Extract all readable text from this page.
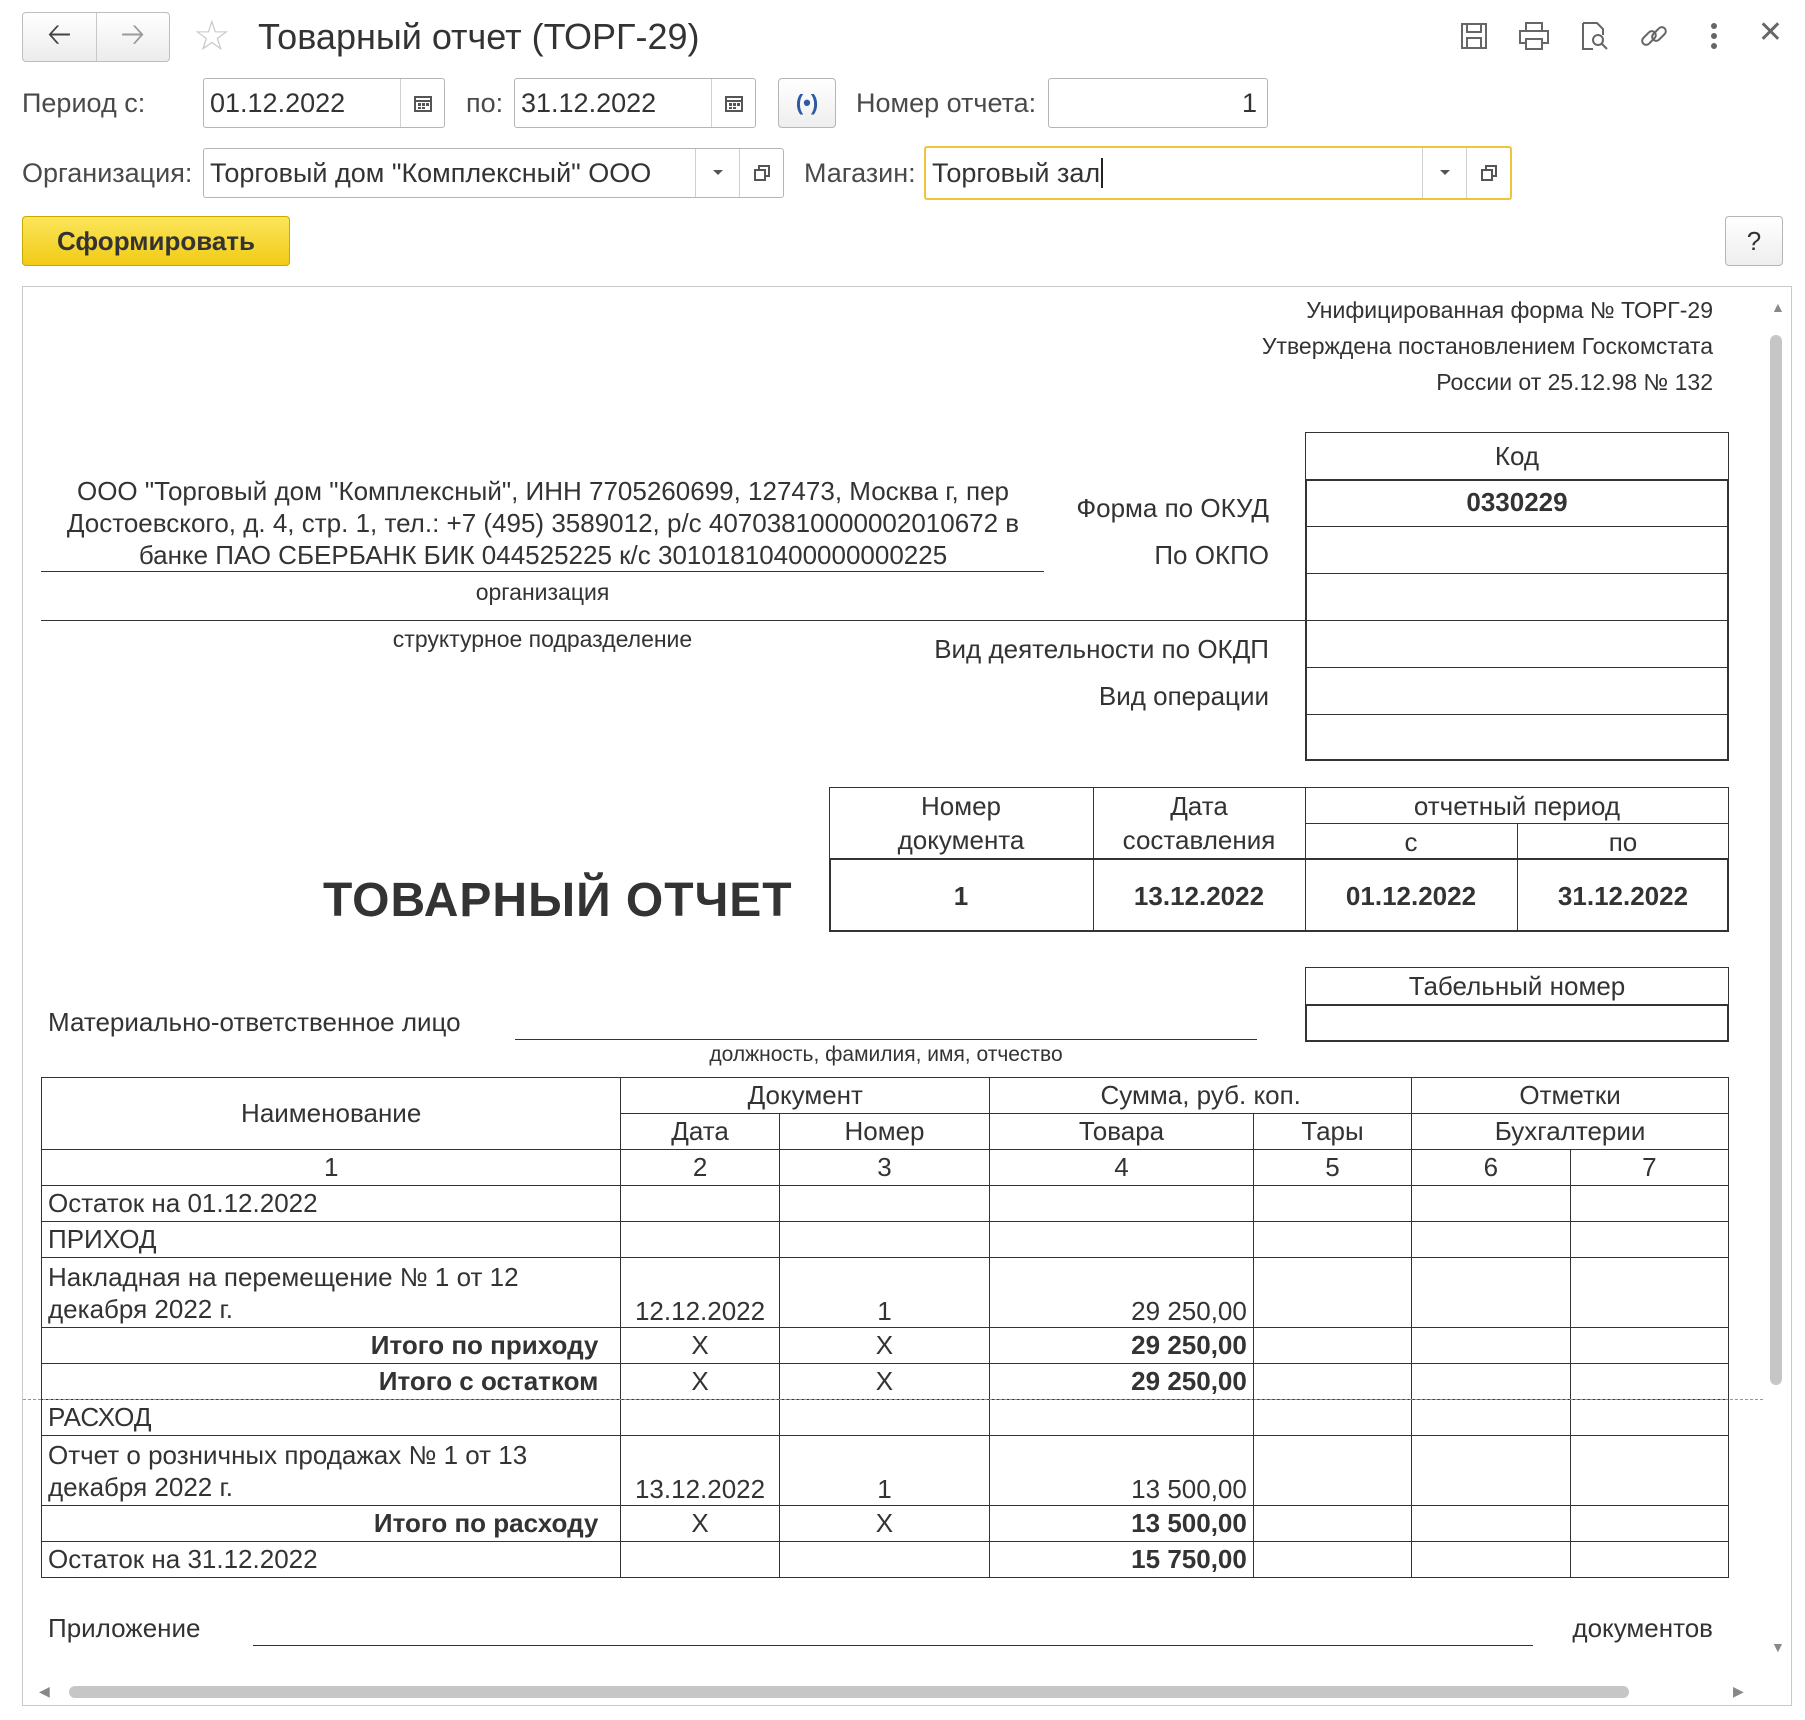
🡠 🡢 ☆ Товарный отчет (ТОРГ-29)	✕
Период с: 01.12.2022	по: 31.12.2022	(•) Номер отчета:	1
Организация: Торговый дом "Комплексный" ООО	Магазин: Торговый зал
Сформировать	?
Унифицированная форма № ТОРГ-29
Утверждена постановлением Госкомстата
России от 25.12.98 № 132
Код
0330229
Форма по ОКУД
По ОКПО
Вид деятельности по ОКДП
Вид операции
ООО "Торговый дом "Комплексный", ИНН 7705260699, 127473, Москва г, пер Достоевского, д. 4, стр. 1, тел.: +7 (495) 3589012, р/с 40703810000002010672 в банке ПАО СБЕРБАНК БИК 044525225 к/с 30101810400000000225
организация
структурное подразделение
ТОВАРНЫЙ ОТЧЕТ
Номер
документа
Дата
составления
отчетный период
с	по
1	13.12.2022	01.12.2022	31.12.2022
Табельный номер
Материально-ответственное лицо
должность, фамилия, имя, отчество
Наименование	Документ		Сумма, руб. коп.		Отметки	
	Дата	Номер	Товара	Тары	Бухгалтерии	
1	2	3	4	5	6	7
Остаток на 01.12.2022						
ПРИХОД						

Накладная на перемещение № 1 от 12
декабря 2022 г.	12.12.2022	1	29 250,00			
Итого по приходу	X	X	29 250,00			
Итого с остатком	X	X	29 250,00			
РАСХОД						

Отчет о розничных продажах № 1 от 13
декабря 2022 г.	13.12.2022	1	13 500,00			
Итого по расходу	X	X	13 500,00			
Остаток на 31.12.2022			15 750,00			
Приложение	документов
▲
▼
◀	▶
